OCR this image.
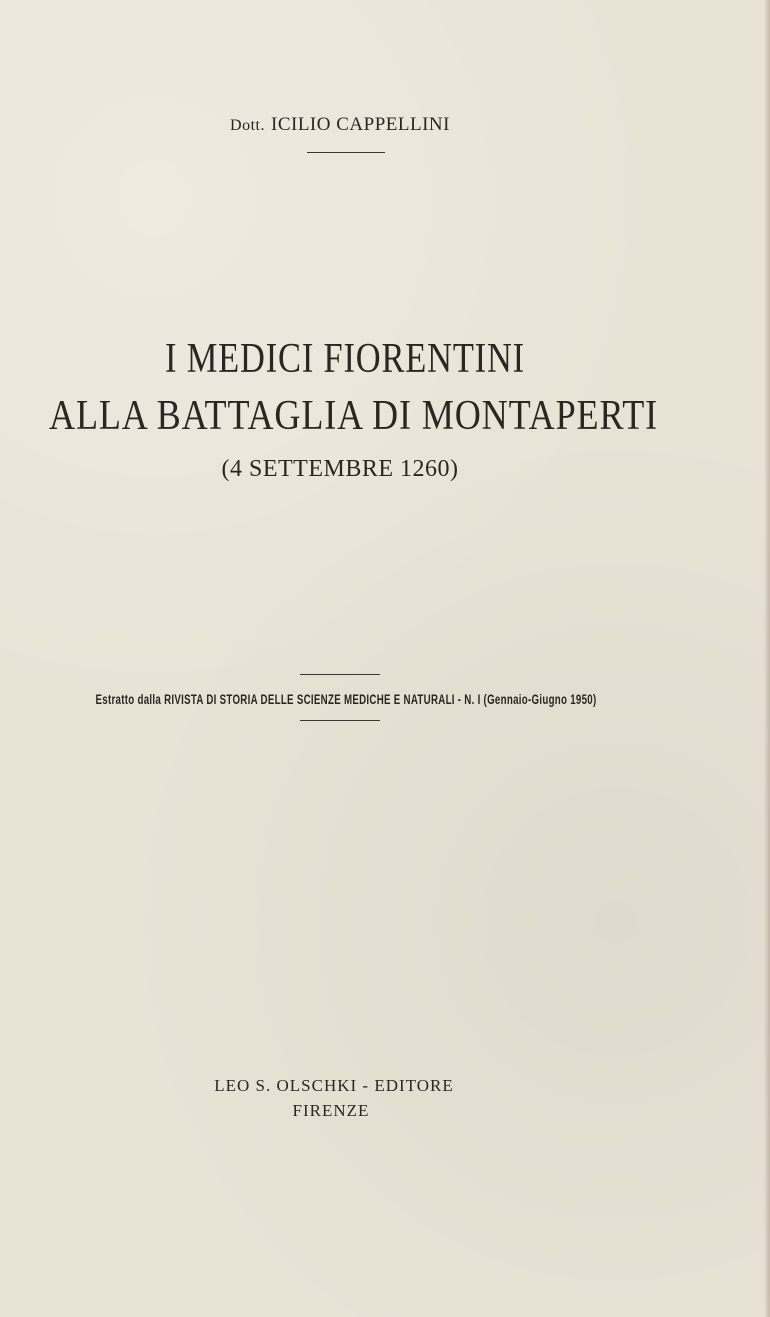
Dott. ICILIO CAPPELLINI
I MEDICI FIORENTINI
ALLA BATTAGLIA DI MONTAPERTI
(4 SETTEMBRE 1260)
Estratto dalla RIVISTA DI STORIA DELLE SCIENZE MEDICHE E NATURALI - N. I (Gennaio-Giugno 1950)
LEO S. OLSCHKI - EDITORE
FIRENZE
